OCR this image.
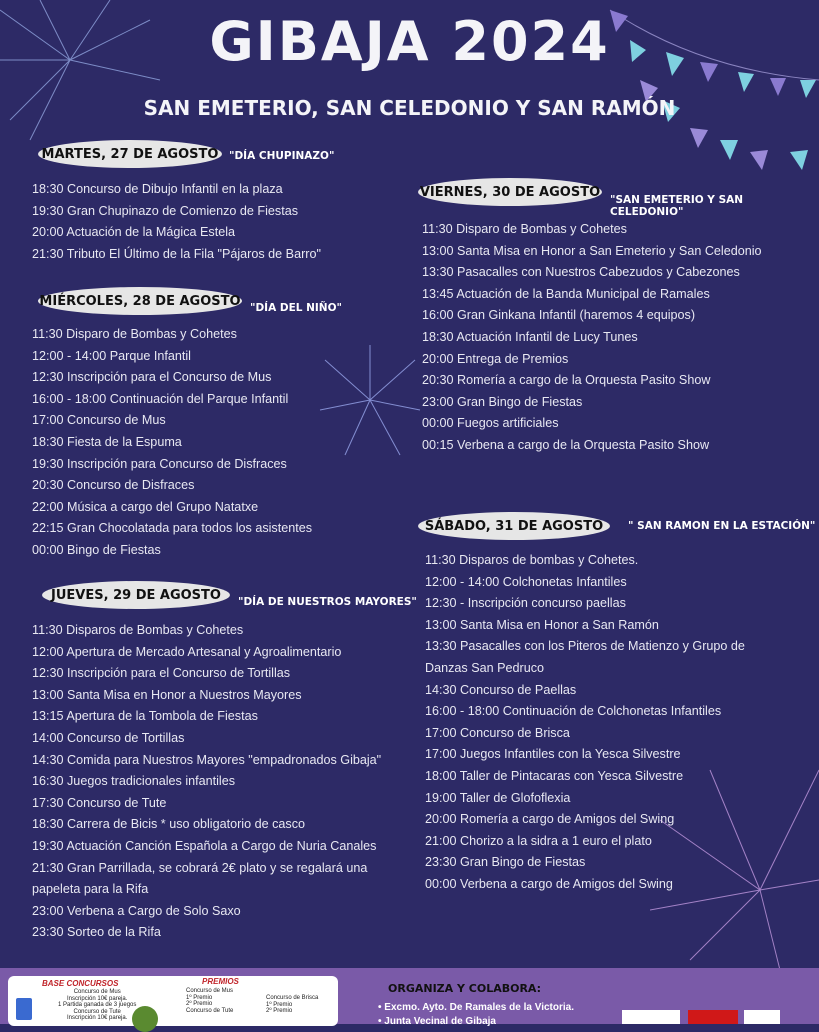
GIBAJA 2024
SAN EMETERIO, SAN CELEDONIO Y SAN RAMÓN
MARTES, 27 DE AGOSTO	"DÍA CHUPINAZO"
18:30 Concurso de Dibujo Infantil en la plaza
19:30 Gran Chupinazo de Comienzo de Fiestas
20:00 Actuación de la Mágica Estela
21:30 Tributo El Último de la Fila "Pájaros de Barro"
MIÉRCOLES, 28 DE AGOSTO "DÍA DEL NIÑO"
11:30 Disparo de Bombas y Cohetes
12:00 - 14:00 Parque Infantil
12:30 Inscripción para el Concurso de Mus
16:00 - 18:00 Continuación del Parque Infantil
17:00 Concurso de Mus
18:30 Fiesta de la Espuma
19:30 Inscripción para Concurso de Disfraces
20:30 Concurso de Disfraces
22:00 Música a cargo del Grupo Natatxe
22:15 Gran Chocolatada para todos los asistentes
00:00 Bingo de Fiestas
JUEVES, 29 DE AGOSTO	"DÍA DE NUESTROS MAYORES"
11:30 Disparos de Bombas y Cohetes
12:00 Apertura de Mercado Artesanal y Agroalimentario
12:30 Inscripción para el Concurso de Tortillas
13:00 Santa Misa en Honor a Nuestros Mayores
13:15 Apertura de la Tombola de Fiestas
14:00 Concurso de Tortillas
14:30 Comida para Nuestros Mayores "empadronados Gibaja"
16:30 Juegos tradicionales infantiles
17:30 Concurso de Tute
18:30 Carrera de Bicis * uso obligatorio de casco
19:30 Actuación Canción Española a Cargo de Nuria Canales
21:30 Gran Parrillada, se cobrará 2€ plato y se regalará una
papeleta para la Rifa
23:00 Verbena a Cargo de Solo Saxo
23:30 Sorteo de la Rifa
VIERNES, 30 DE AGOSTO
"SAN EMETERIO Y SAN CELEDONIO"
11:30 Disparo de Bombas y Cohetes
13:00 Santa Misa en Honor a San Emeterio y San Celedonio
13:30 Pasacalles con Nuestros Cabezudos y Cabezones
13:45 Actuación de la Banda Municipal de Ramales
16:00 Gran Ginkana Infantil (haremos 4 equipos)
18:30 Actuación Infantil de Lucy Tunes
20:00 Entrega de Premios
20:30 Romería a cargo de la Orquesta Pasito Show
23:00 Gran Bingo de Fiestas
00:00 Fuegos artificiales
00:15 Verbena a cargo de la Orquesta Pasito Show
SÁBADO, 31 DE AGOSTO	" SAN RAMON EN LA ESTACIÓN"
11:30 Disparos de bombas y Cohetes.
12:00 - 14:00 Colchonetas Infantiles
12:30 - Inscripción concurso paellas
13:00 Santa Misa en Honor a San Ramón
13:30 Pasacalles con los Piteros de Matienzo y Grupo de
Danzas San Pedruco
14:30 Concurso de Paellas
16:00 - 18:00 Continuación de Colchonetas Infantiles
17:00 Concurso de Brisca
17:00 Juegos Infantiles con la Yesca Silvestre
18:00 Taller de Pintacaras con Yesca Silvestre
19:00 Taller de Glofoflexia
20:00 Romería a cargo de Amigos del Swing
21:00 Chorizo a la sidra a 1 euro el plato
23:30 Gran Bingo de Fiestas
00:00 Verbena a cargo de Amigos del Swing
BASE CONCURSOS
Concurso de Mus
Inscripción 10€ pareja.
1 Partida ganada de 3 juegos
Concurso de Tute
Inscripción 10€ pareja.
PREMIOS
Concurso de Mus
1º Premio
2º Premio
Concurso de Tute
Concurso de Brisca
1º Premio
2º Premio
ORGANIZA Y COLABORA:
• Excmo. Ayto. De Ramales de la Victoria.
• Junta Vecinal de Gibaja
